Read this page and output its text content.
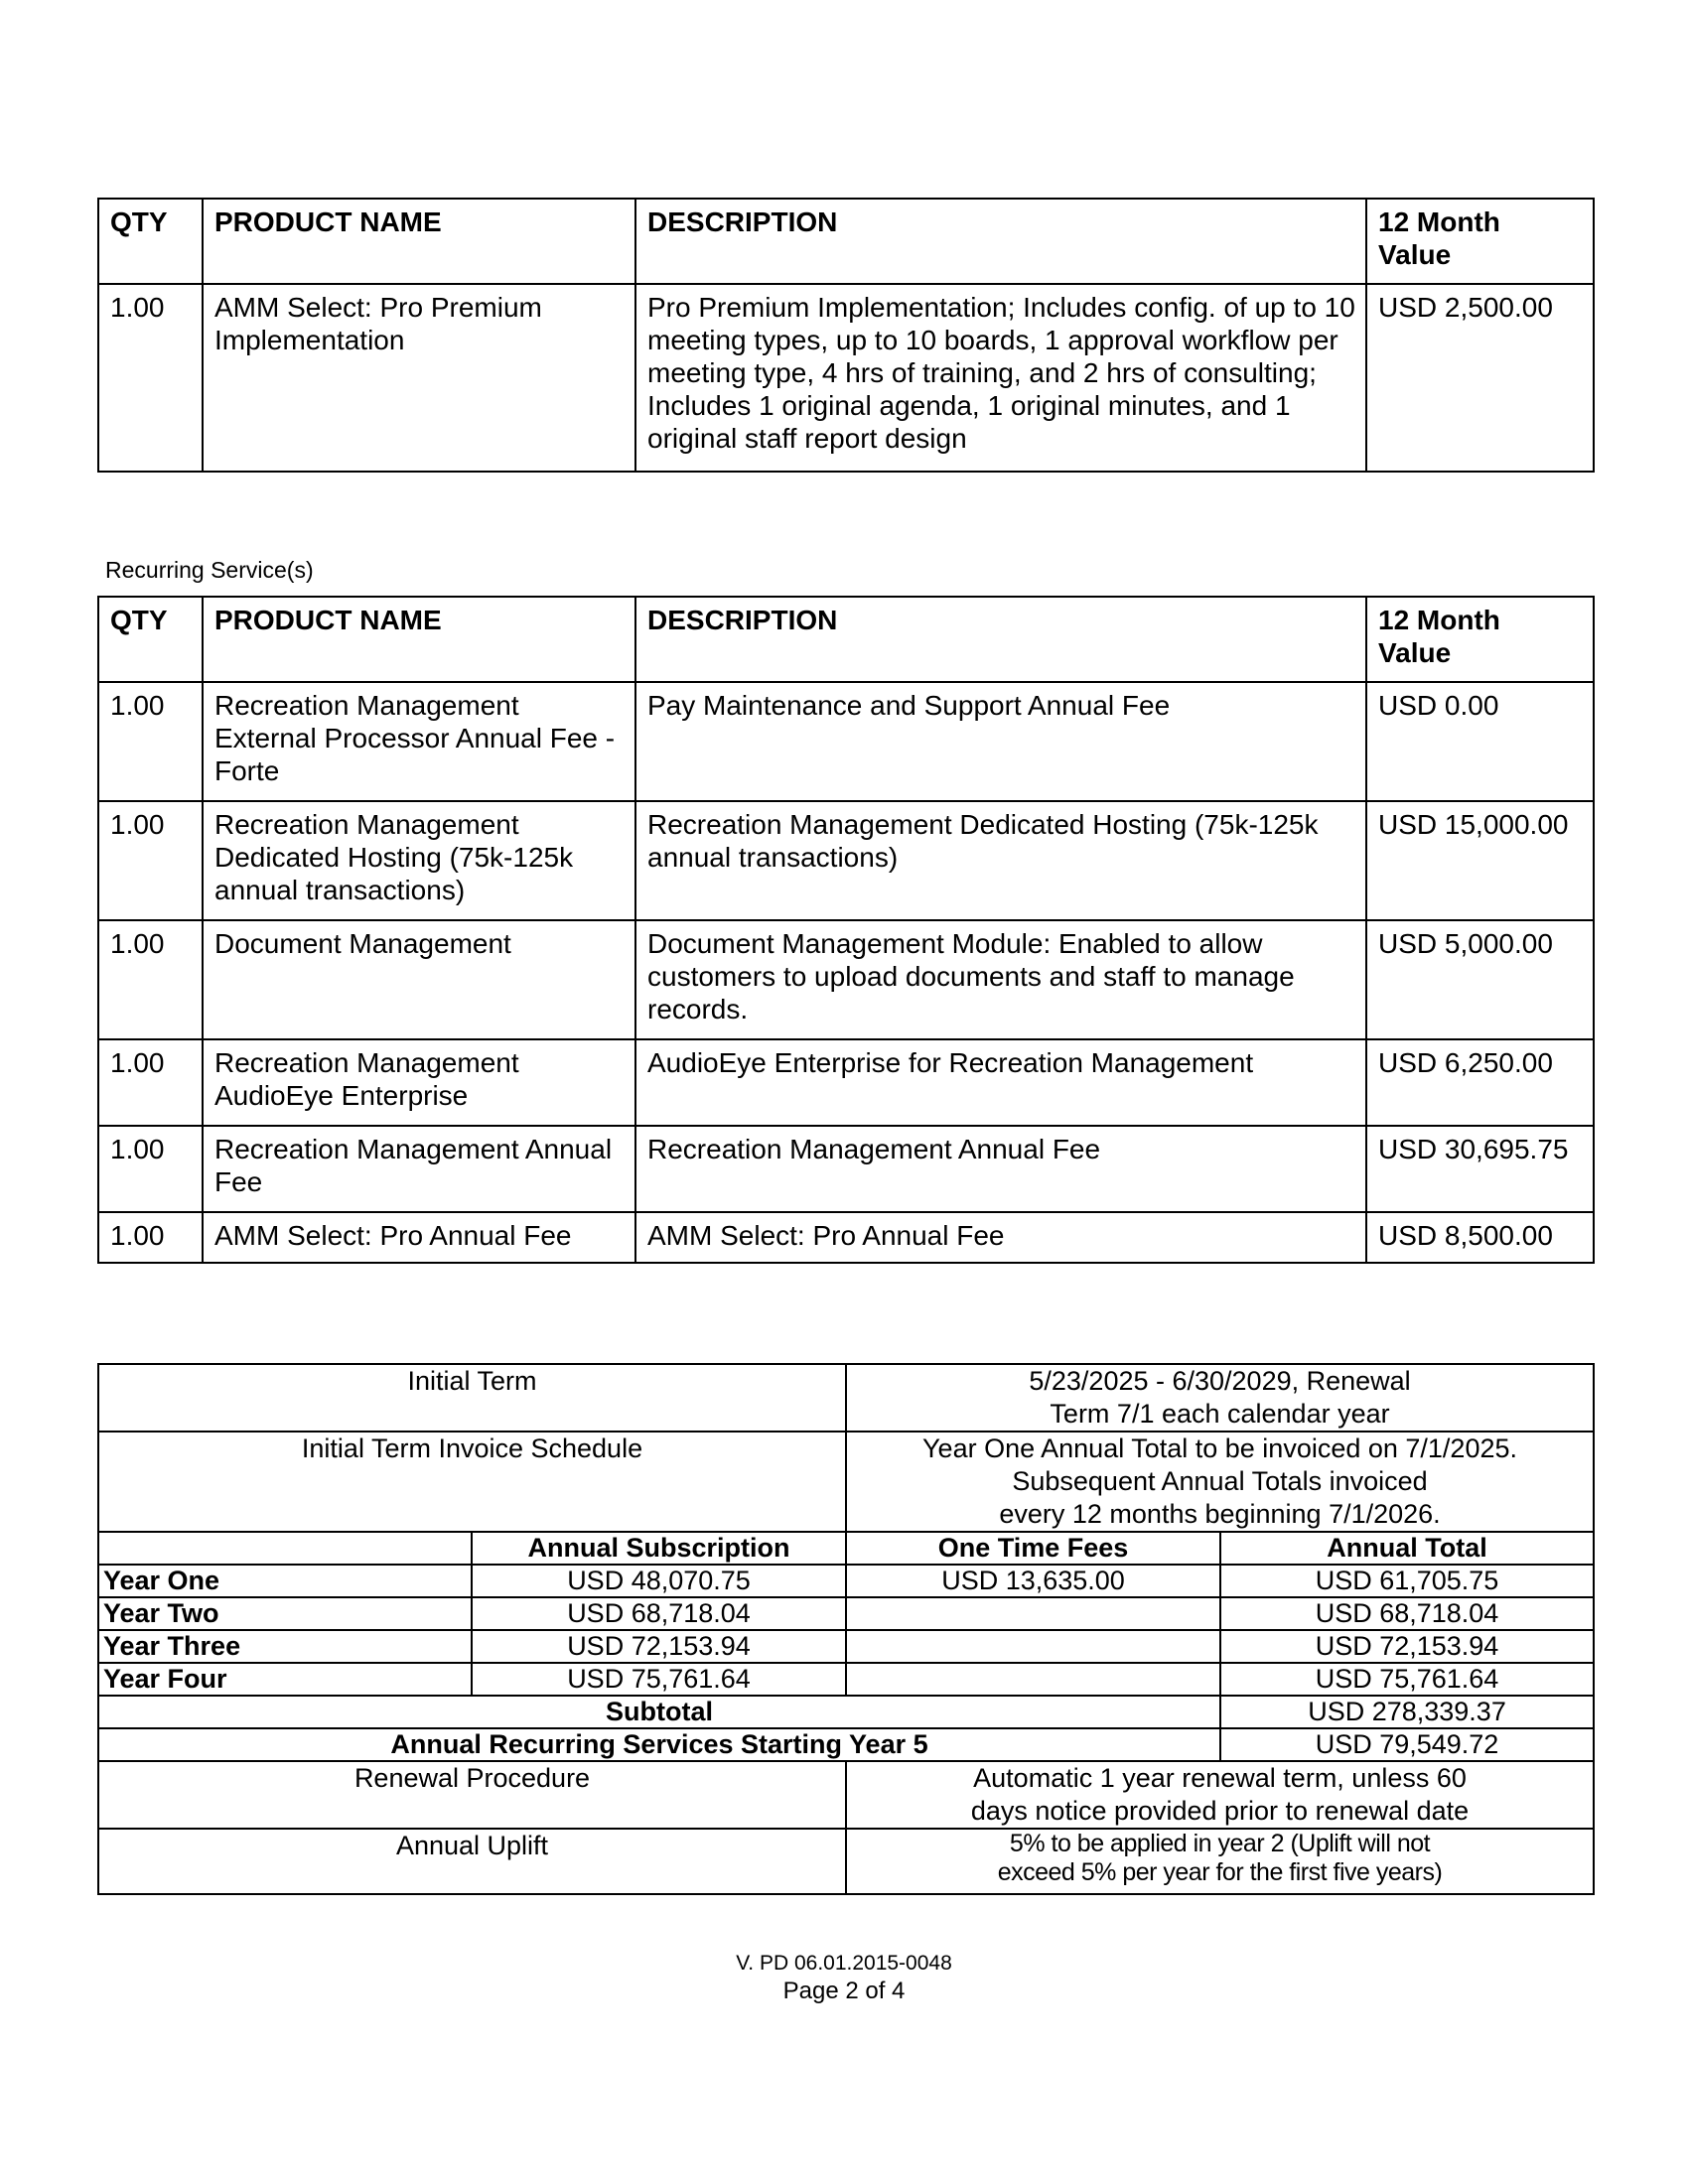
QTY	PRODUCT NAME	DESCRIPTION	12 Month
Value

1.00	AMM Select: Pro Premium Implementation	Pro Premium Implementation; Includes config. of up to 10 meeting types, up to 10 boards, 1 approval workflow per meeting type, 4 hrs of training, and 2 hrs of consulting; Includes 1 original agenda, 1 original minutes, and 1 original staff report design	USD 2,500.00
Recurring Service(s)
QTY	PRODUCT NAME	DESCRIPTION	12 Month
Value

1.00	Recreation Management External Processor Annual Fee - Forte	Pay Maintenance and Support Annual Fee	USD 0.00
1.00	Recreation Management Dedicated Hosting (75k-125k annual transactions)	Recreation Management Dedicated Hosting (75k-125k annual transactions)	USD 15,000.00
1.00	Document Management	Document Management Module: Enabled to allow customers to upload documents and staff to manage records.	USD 5,000.00
1.00	Recreation Management AudioEye Enterprise	AudioEye Enterprise for Recreation Management	USD 6,250.00
1.00	Recreation Management Annual Fee	Recreation Management Annual Fee	USD 30,695.75
1.00	AMM Select: Pro Annual Fee	AMM Select: Pro Annual Fee	USD 8,500.00
Initial Term		5/23/2025 - 6/30/2029, Renewal
Term 7/1 each calendar year	

Initial Term Invoice Schedule		Year One Annual Total to be invoiced on 7/1/2025.
Subsequent Annual Totals invoiced
every 12 months beginning 7/1/2026.	

	Annual Subscription	One Time Fees	Annual Total
Year One	USD 48,070.75	USD 13,635.00	USD 61,705.75
Year Two	USD 68,718.04		USD 68,718.04
Year Three	USD 72,153.94		USD 72,153.94
Year Four	USD 75,761.64		USD 75,761.64
Subtotal			USD 278,339.37
Annual Recurring Services Starting Year 5			USD 79,549.72
Renewal Procedure		Automatic 1 year renewal term, unless 60
days notice provided prior to renewal date	

Annual Uplift		5% to be applied in year 2 (Uplift will not
exceed 5% per year for the first five years)	
V. PD 06.01.2015-0048
Page 2 of 4
